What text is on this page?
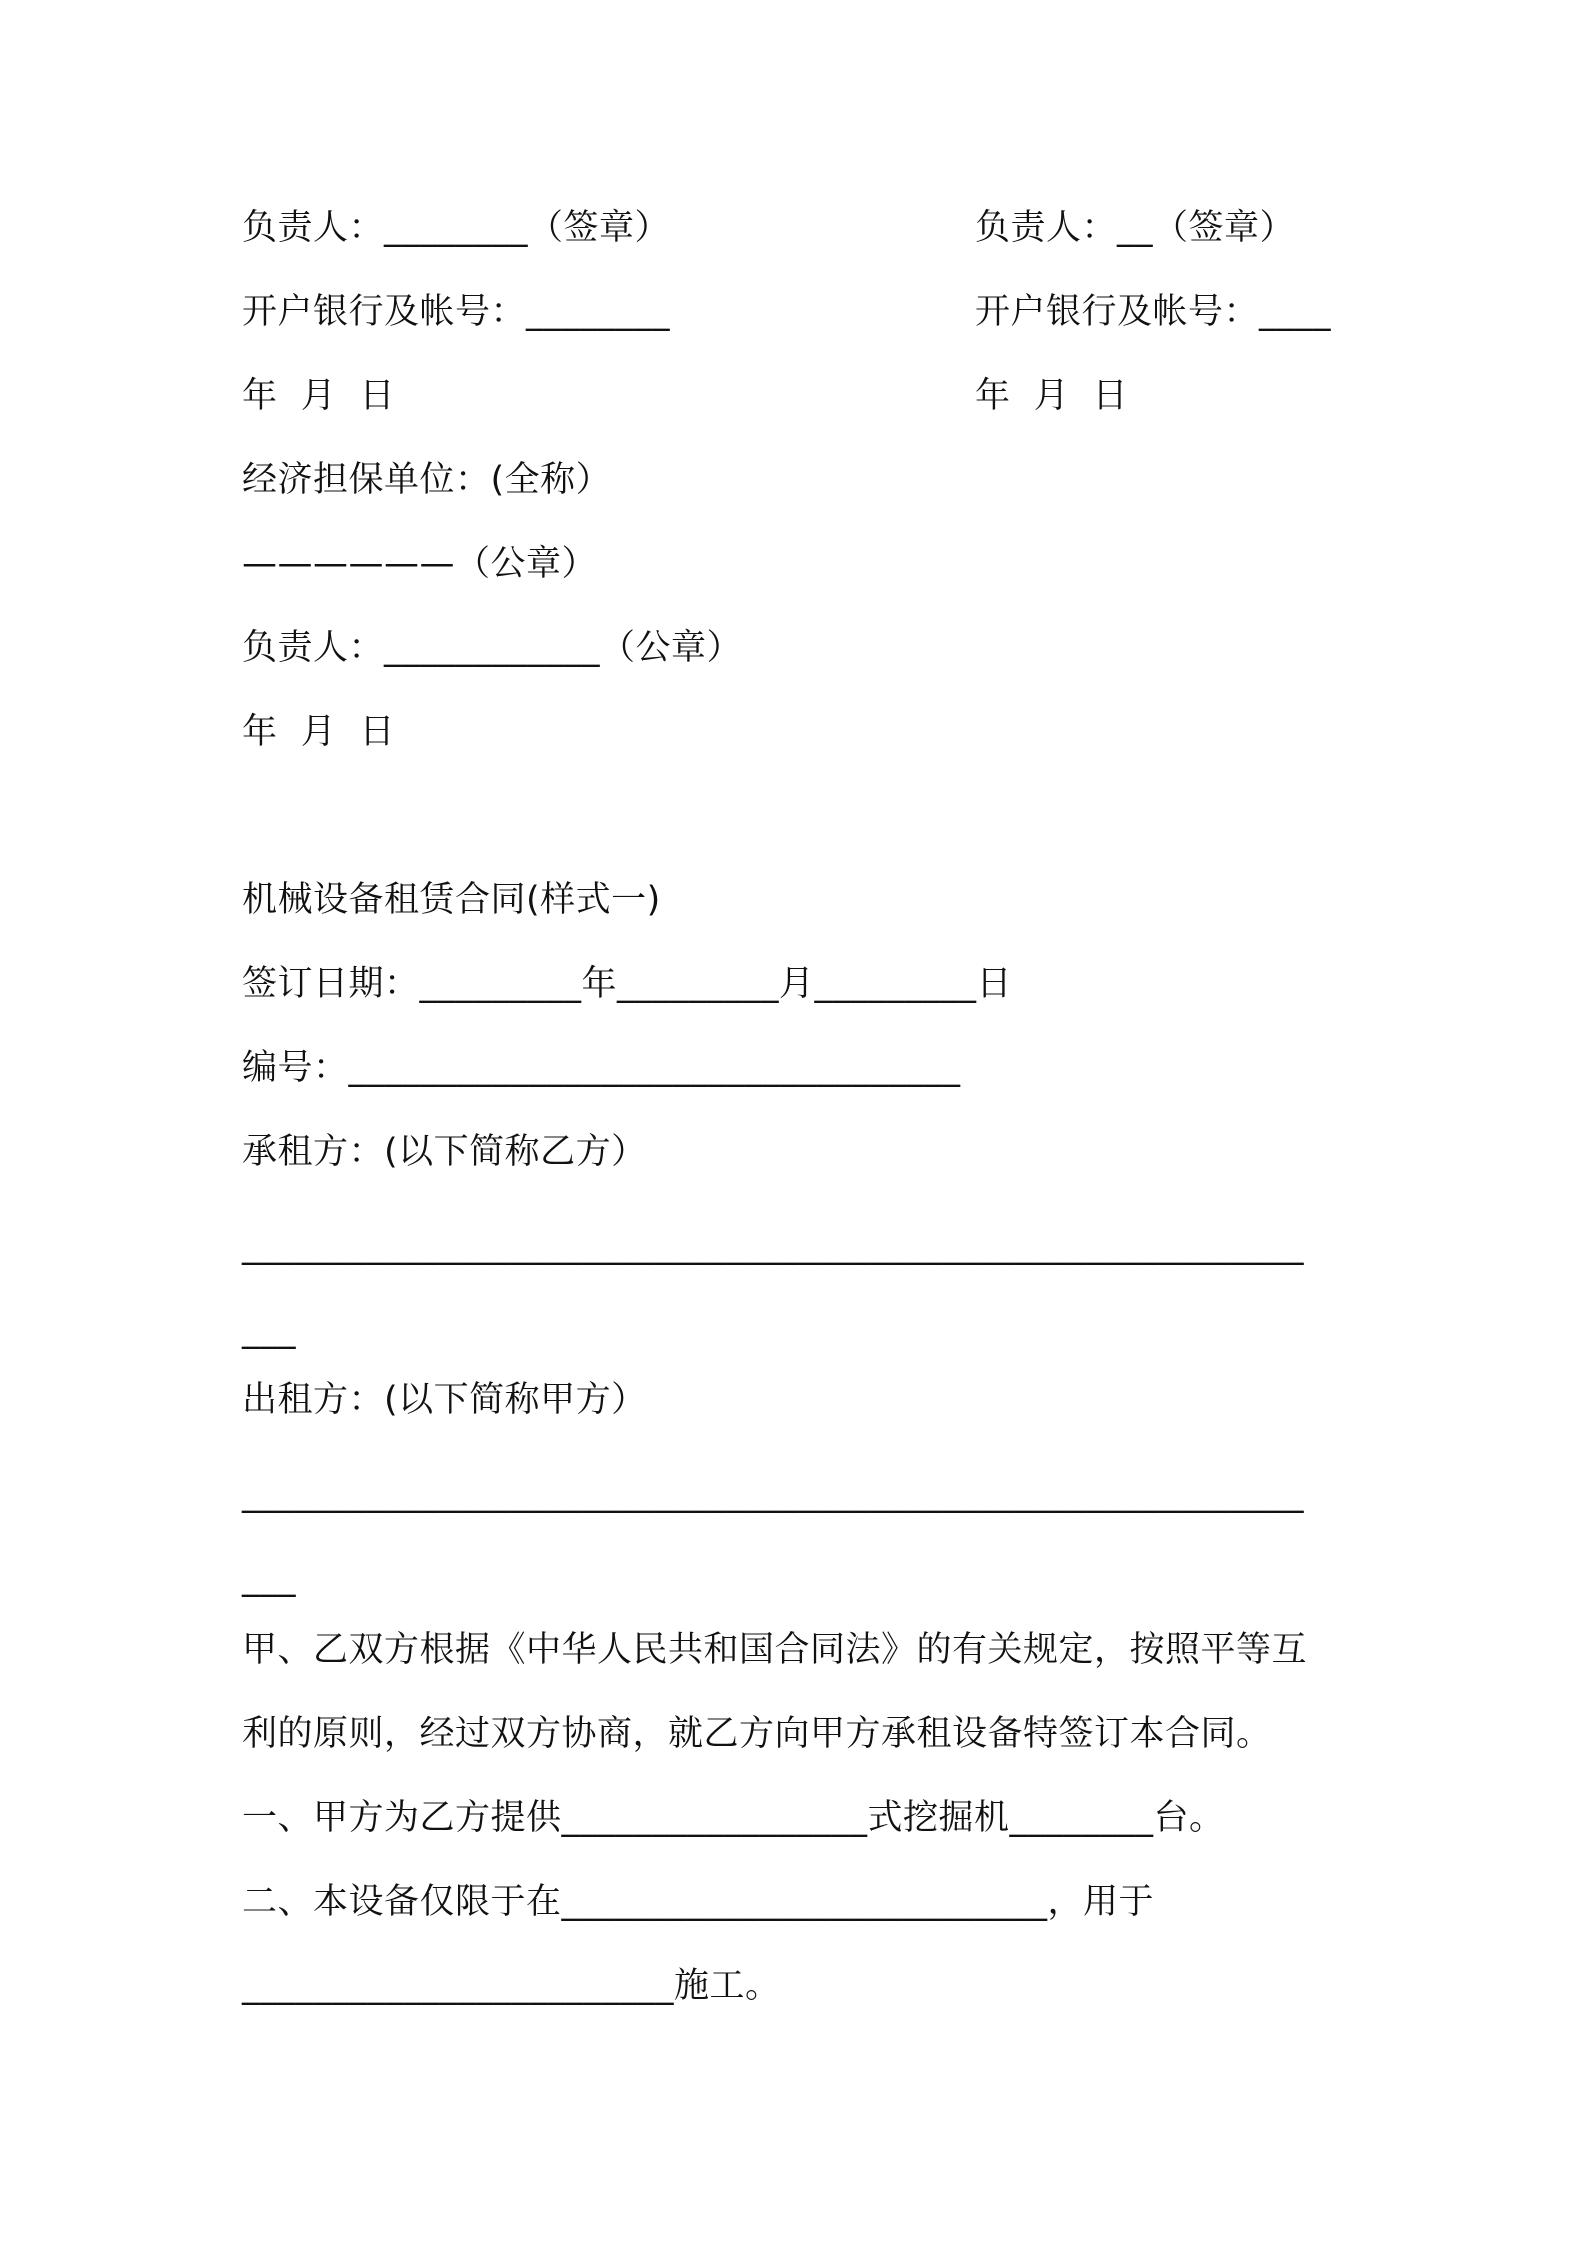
负责人：________（签章）
开户银行及帐号：________
年  月  日
负责人：__（签章）
开户银行及帐号：____
年  月  日
经济担保单位：(全称）
——————（公章）
负责人：____________（公章）
年  月  日
机械设备租赁合同(样式一)
签订日期：_________年_________月_________日
编号：__________________________________
承租方：(以下简称乙方）
___________________________________________________________
___
出租方：(以下简称甲方）
___________________________________________________________
___
甲、乙双方根据《中华人民共和国合同法》的有关规定，按照平等互
利的原则，经过双方协商，就乙方向甲方承租设备特签订本合同。
一、甲方为乙方提供_________________式挖掘机________台。
二、本设备仅限于在___________________________，用于
________________________施工。
